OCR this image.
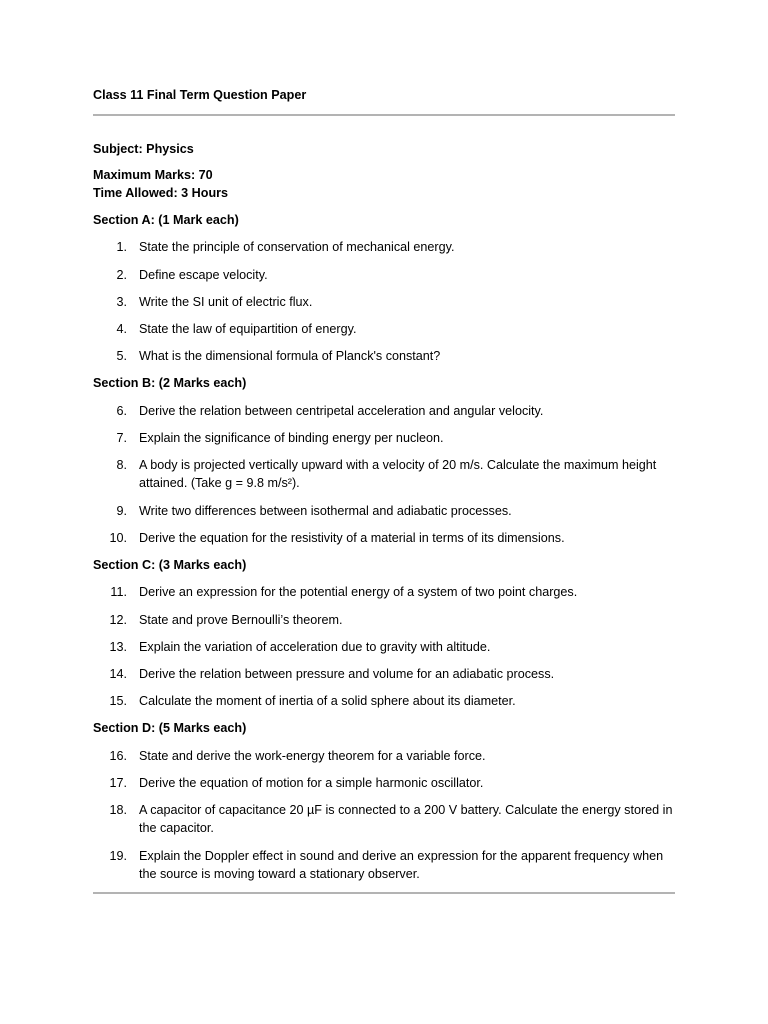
Class 11 Final Term Question Paper
Subject: Physics
Maximum Marks: 70
Time Allowed: 3 Hours
Section A: (1 Mark each)
1. State the principle of conservation of mechanical energy.
2. Define escape velocity.
3. Write the SI unit of electric flux.
4. State the law of equipartition of energy.
5. What is the dimensional formula of Planck's constant?
Section B: (2 Marks each)
6. Derive the relation between centripetal acceleration and angular velocity.
7. Explain the significance of binding energy per nucleon.
8. A body is projected vertically upward with a velocity of 20 m/s. Calculate the maximum height attained. (Take g = 9.8 m/s²).
9. Write two differences between isothermal and adiabatic processes.
10. Derive the equation for the resistivity of a material in terms of its dimensions.
Section C: (3 Marks each)
11. Derive an expression for the potential energy of a system of two point charges.
12. State and prove Bernoulli’s theorem.
13. Explain the variation of acceleration due to gravity with altitude.
14. Derive the relation between pressure and volume for an adiabatic process.
15. Calculate the moment of inertia of a solid sphere about its diameter.
Section D: (5 Marks each)
16. State and derive the work-energy theorem for a variable force.
17. Derive the equation of motion for a simple harmonic oscillator.
18. A capacitor of capacitance 20 µF is connected to a 200 V battery. Calculate the energy stored in the capacitor.
19. Explain the Doppler effect in sound and derive an expression for the apparent frequency when the source is moving toward a stationary observer.
